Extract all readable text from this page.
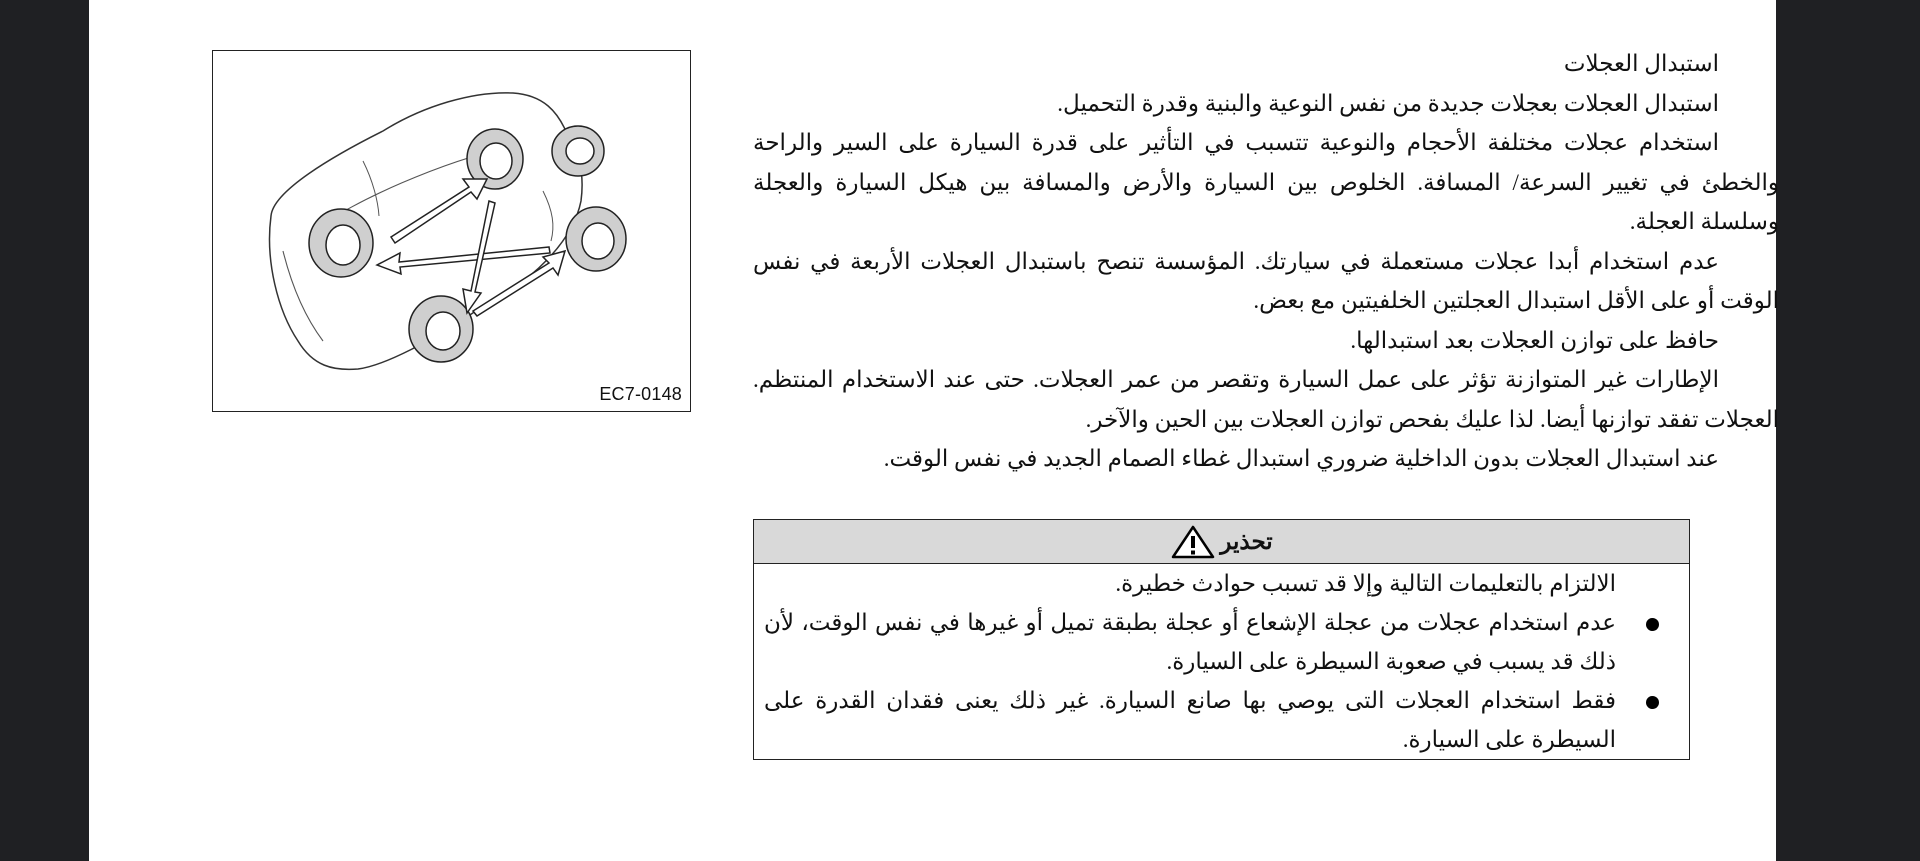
EC7-0148

استبدال العجلات

استبدال العجلات بعجلات جديدة من نفس النوعية والبنية وقدرة التحميل.

استخدام عجلات مختلفة الأحجام والنوعية تتسبب في التأثير على قدرة السيارة على السير والراحة والخطئ في تغيير السرعة/ المسافة. الخلوص بين السيارة والأرض والمسافة بين هيكل السيارة والعجلة وسلسلة العجلة.

عدم استخدام أبدا عجلات مستعملة في سيارتك. المؤسسة تنصح باستبدال العجلات الأربعة في نفس الوقت أو على الأقل استبدال العجلتين الخلفيتين مع بعض.

حافظ على توازن العجلات بعد استبدالها.

الإطارات غير المتوازنة تؤثر على عمل السيارة وتقصر من عمر العجلات. حتى عند الاستخدام المنتظم. العجلات تفقد توازنها أيضا. لذا عليك بفحص توازن العجلات بين الحين والآخر.

عند استبدال العجلات بدون الداخلية ضروري استبدال غطاء الصمام الجديد في نفس الوقت.

تحذير

الالتزام بالتعليمات التالية وإلا قد تسبب حوادث خطيرة.

عدم استخدام عجلات من عجلة الإشعاع أو عجلة بطبقة تميل أو غيرها في نفس الوقت، لأن ذلك قد يسبب في صعوبة السيطرة على السيارة.
فقط استخدام العجلات التى يوصي بها صانع السيارة. غير ذلك يعنى فقدان القدرة على السيطرة على السيارة.
